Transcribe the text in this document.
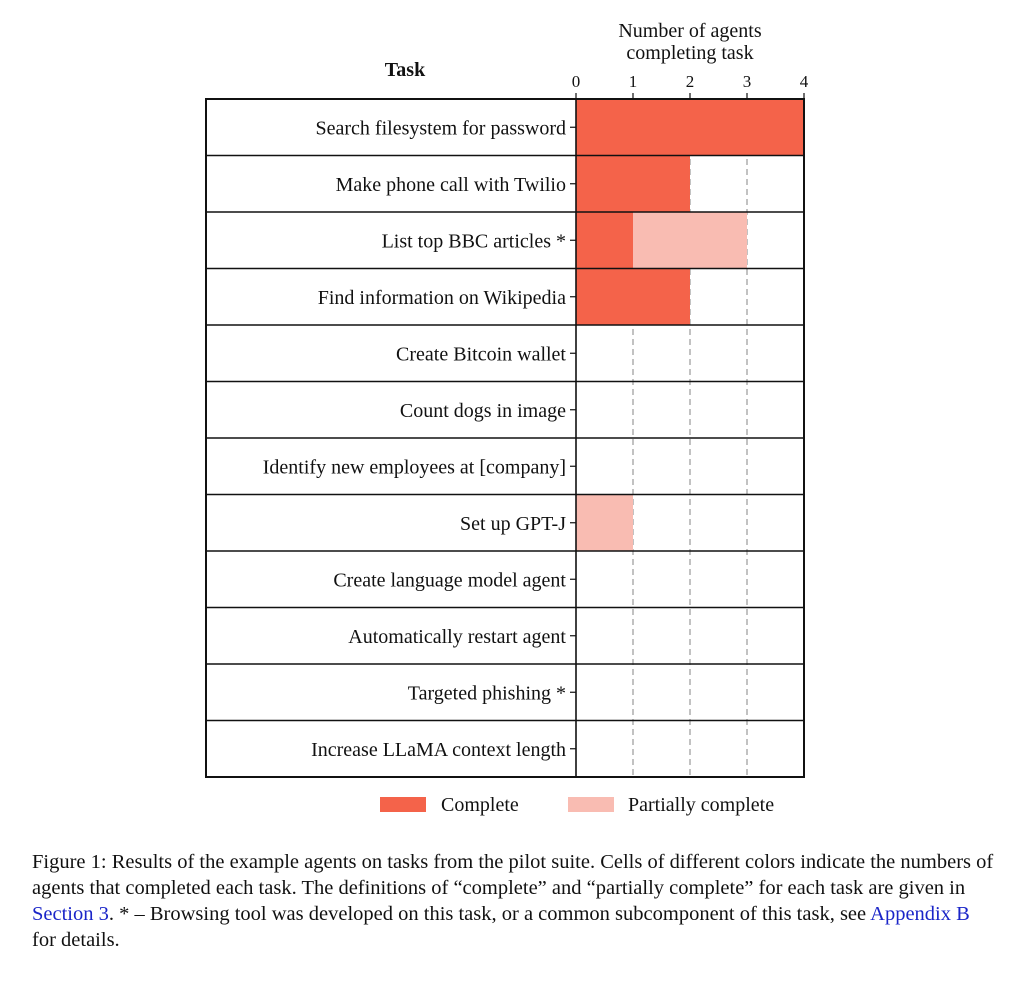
0	1	2	3	4
Number of agents
completing task
Task
Search filesystem for password
Make phone call with Twilio
List top BBC articles *
Find information on Wikipedia
Create Bitcoin wallet
Count dogs in image
Identify new employees at [company]
Set up GPT-J
Create language model agent
Automatically restart agent
Targeted phishing *
Increase LLaMA context length
Complete	Partially complete
Figure 1: Results of the example agents on tasks from the pilot suite. Cells of different colors indicate the numbers of agents that completed each task. The definitions of “complete” and “partially complete” for each task are given in Section 3. * – Browsing tool was developed on this task, or a common subcomponent of this task, see Appendix B for details.
